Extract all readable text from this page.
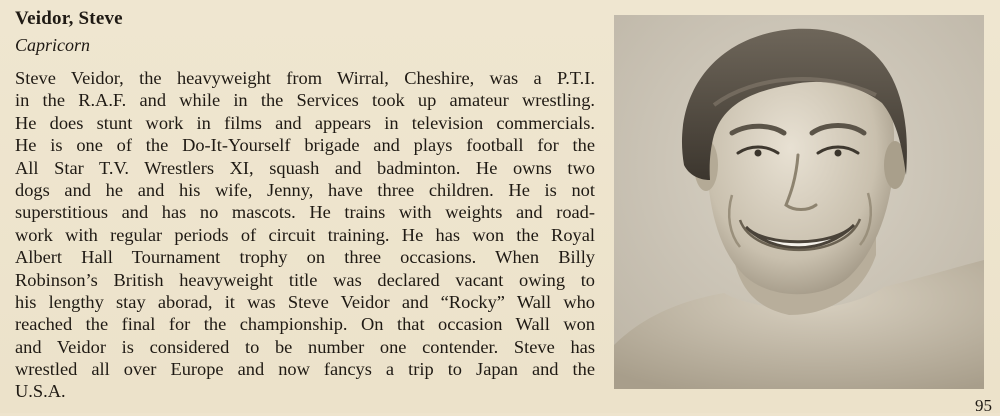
Veidor, Steve
Capricorn
Steve Veidor, the heavyweight from Wirral, Cheshire, was a P.T.I.
in the R.A.F. and while in the Services took up amateur wrestling.
He does stunt work in films and appears in television commercials.
He is one of the Do-It-Yourself brigade and plays football for the
All Star T.V. Wrestlers XI, squash and badminton. He owns two
dogs and he and his wife, Jenny, have three children. He is not
superstitious and has no mascots. He trains with weights and road-
work with regular periods of circuit training. He has won the Royal
Albert Hall Tournament trophy on three occasions. When Billy
Robinson’s British heavyweight title was declared vacant owing to
his lengthy stay aborad, it was Steve Veidor and “Rocky” Wall who
reached the final for the championship. On that occasion Wall won
and Veidor is considered to be number one contender. Steve has
wrestled all over Europe and now fancys a trip to Japan and the
U.S.A.
95
